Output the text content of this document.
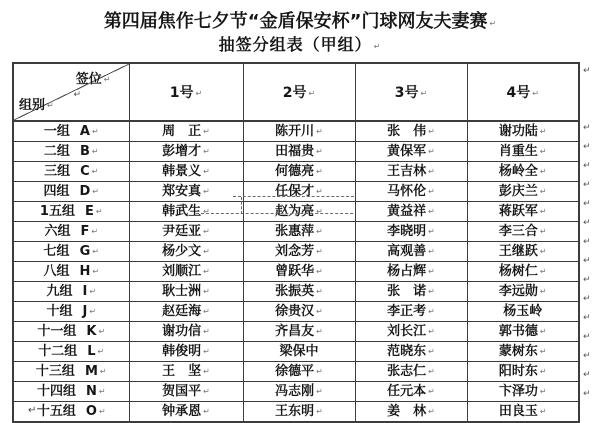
第四届焦作七夕节“金盾保安杯”门球网友夫妻赛 ↵
抽签分组表（甲组） ↵
签位 ↵
↵
组别 ↵	1号 ↵	2号 ↵	3号 ↵	4号 ↵
一组 A ↵	周　正 ↵	陈开川 ↵	张　伟 ↵	谢功陆 ↵
二组 B ↵	彭增才 ↵	田福贵 ↵	黄保军 ↵	肖重生 ↵
三组 C ↵	韩景义 ↵	何德亮 ↵	王吉林 ↵	杨岭全 ↵
四组 D ↵	郑安真 ↵	任保才 ↵	马怀伦 ↵	彭庆兰 ↵
1五组 E ↵	韩武生 ↵	赵为亮 ↵	黄益祥 ↵	蒋跃军 ↵
六组 F ↵	尹廷亚 ↵	张惠萍 ↵	李晓明 ↵	李三合 ↵
七组 G ↵	杨少文 ↵	刘念芳 ↵	高观善 ↵	王继跃 ↵
八组 H ↵	刘顺江 ↵	曾跃华 ↵	杨占辉 ↵	杨树仁 ↵
九组 I ↵	耿士洲 ↵	张振英 ↵	张　诺 ↵	李远勋 ↵
十组 J ↵	赵廷海 ↵	徐贵汉 ↵	李正考 ↵	杨玉岭
十一组 K ↵	谢功信 ↵	齐昌友 ↵	刘长江 ↵	郭书德 ↵
十二组 L ↵	韩俊明 ↵	梁保中	范晓东 ↵	蒙树东 ↵
十三组 M ↵	王　坚 ↵	徐德平 ↵	张志仁 ↵	阳时东 ↵
十四组 N ↵	贺国平 ↵	冯志刚 ↵	任元本 ↵	卞泽功 ↵
十五组 O ↵	钟承恩 ↵	王东明 ↵	姜　林 ↵	田良玉 ↵
↵
↵
↵
↵
↵
↵
↵
↵
↵
↵
↵
↵
↵
↵
↵
↵
↵
